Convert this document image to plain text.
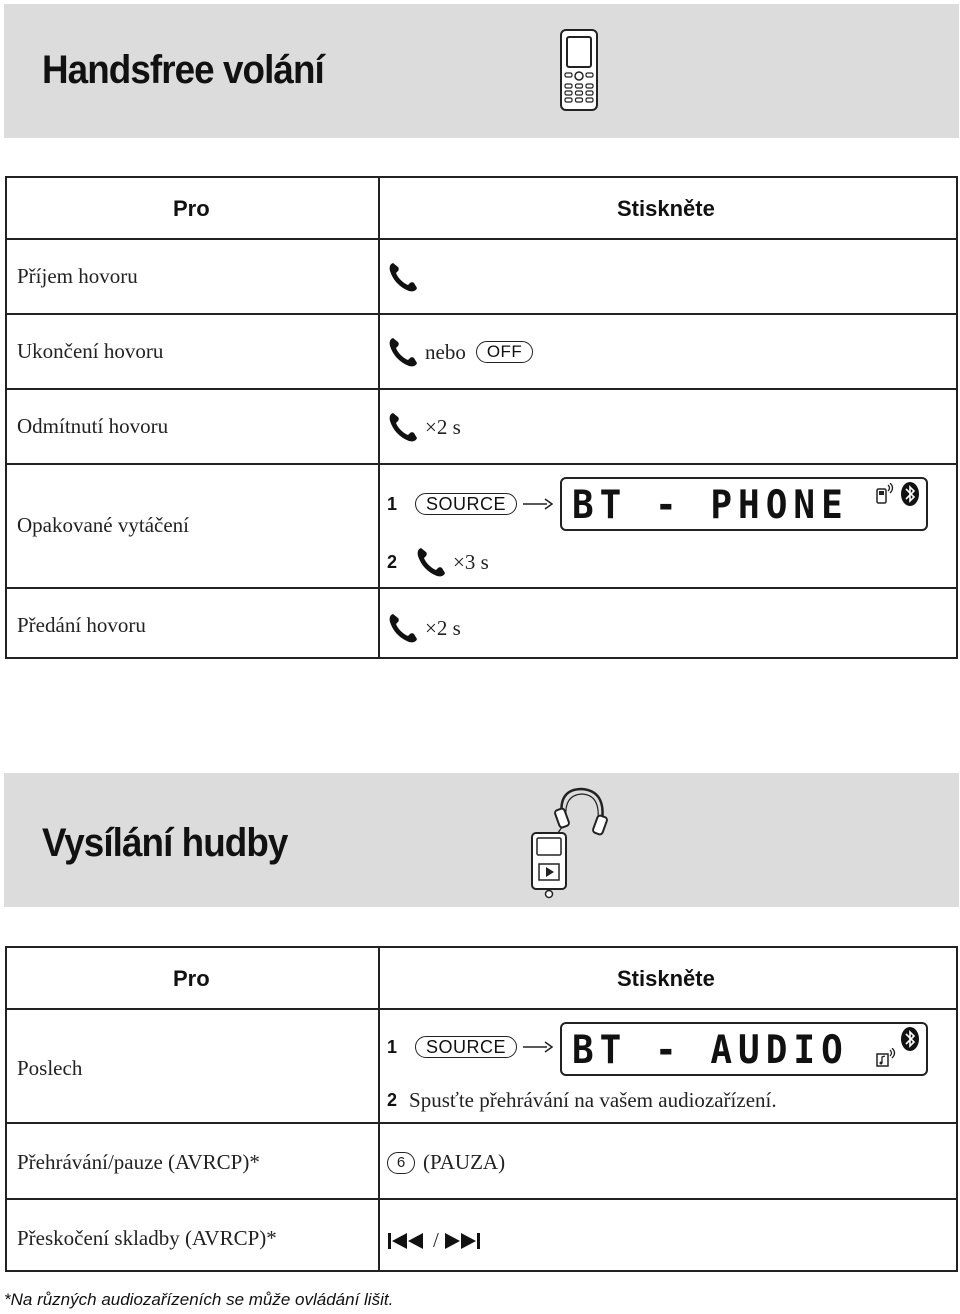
Handsfree volání
Pro	Stiskněte
Příjem hovoru
Ukončení hovoru	nebo	OFF
Odmítnutí hovoru	×2 s
Opakované vytáčení
1	SOURCE	BT - PHONE
2	×3 s
Předání hovoru	×2 s
Vysílání hudby
Pro	Stiskněte
Poslech
1	SOURCE	BT - AUDIO
2 Spusťte přehrávání na vašem audiozařízení.
Přehrávání/pauze (AVRCP)*	6 (PAUZA)
Přeskočení skladby (AVRCP)*	/
*Na různých audiozařízeních se může ovládání lišit.
